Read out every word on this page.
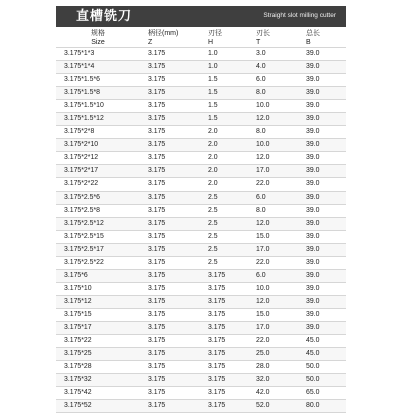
直槽铣刀	Straight slot milling cutter
规格	柄径(mm)	刃径	刃长	总长
Size	Z	H	T	B
3.175*1*3	3.175	1.0	3.0	39.0
3.175*1*4	3.175	1.0	4.0	39.0
3.175*1.5*6	3.175	1.5	6.0	39.0
3.175*1.5*8	3.175	1.5	8.0	39.0
3.175*1.5*10	3.175	1.5	10.0	39.0
3.175*1.5*12	3.175	1.5	12.0	39.0
3.175*2*8	3.175	2.0	8.0	39.0
3.175*2*10	3.175	2.0	10.0	39.0
3.175*2*12	3.175	2.0	12.0	39.0
3.175*2*17	3.175	2.0	17.0	39.0
3.175*2*22	3.175	2.0	22.0	39.0
3.175*2.5*6	3.175	2.5	6.0	39.0
3.175*2.5*8	3.175	2.5	8.0	39.0
3.175*2.5*12	3.175	2.5	12.0	39.0
3.175*2.5*15	3.175	2.5	15.0	39.0
3.175*2.5*17	3.175	2.5	17.0	39.0
3.175*2.5*22	3.175	2.5	22.0	39.0
3.175*6	3.175	3.175	6.0	39.0
3.175*10	3.175	3.175	10.0	39.0
3.175*12	3.175	3.175	12.0	39.0
3.175*15	3.175	3.175	15.0	39.0
3.175*17	3.175	3.175	17.0	39.0
3.175*22	3.175	3.175	22.0	45.0
3.175*25	3.175	3.175	25.0	45.0
3.175*28	3.175	3.175	28.0	50.0
3.175*32	3.175	3.175	32.0	50.0
3.175*42	3.175	3.175	42.0	65.0
3.175*52	3.175	3.175	52.0	80.0
